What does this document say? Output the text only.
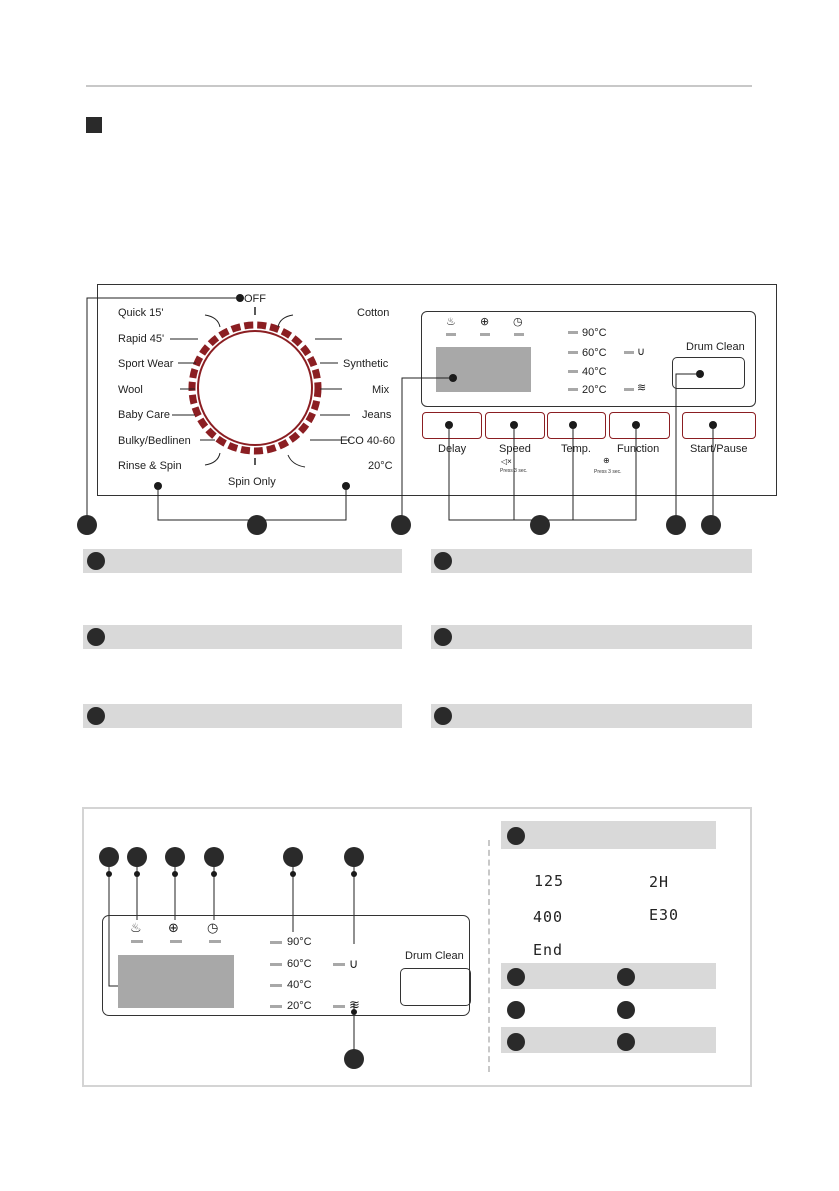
OFF
Spin Only
Quick 15'
Rapid 45'
Sport Wear
Wool
Baby Care
Bulky/Bedlinen
Rinse & Spin
Cotton
Synthetic
Mix
Jeans
ECO 40-60
20°C
♨ ⊕ ◷
90°C
60°C
40°C
20°C
∪
≋
Drum Clean
Delay	Speed	Temp. Function	Start/Pause
◁×
Press 3 sec.
⊕
Press 3 sec.
♨ ⊕ ◷
90°C
60°C
40°C
20°C
∪
≋
Drum Clean
125	2H
400	E30
End
